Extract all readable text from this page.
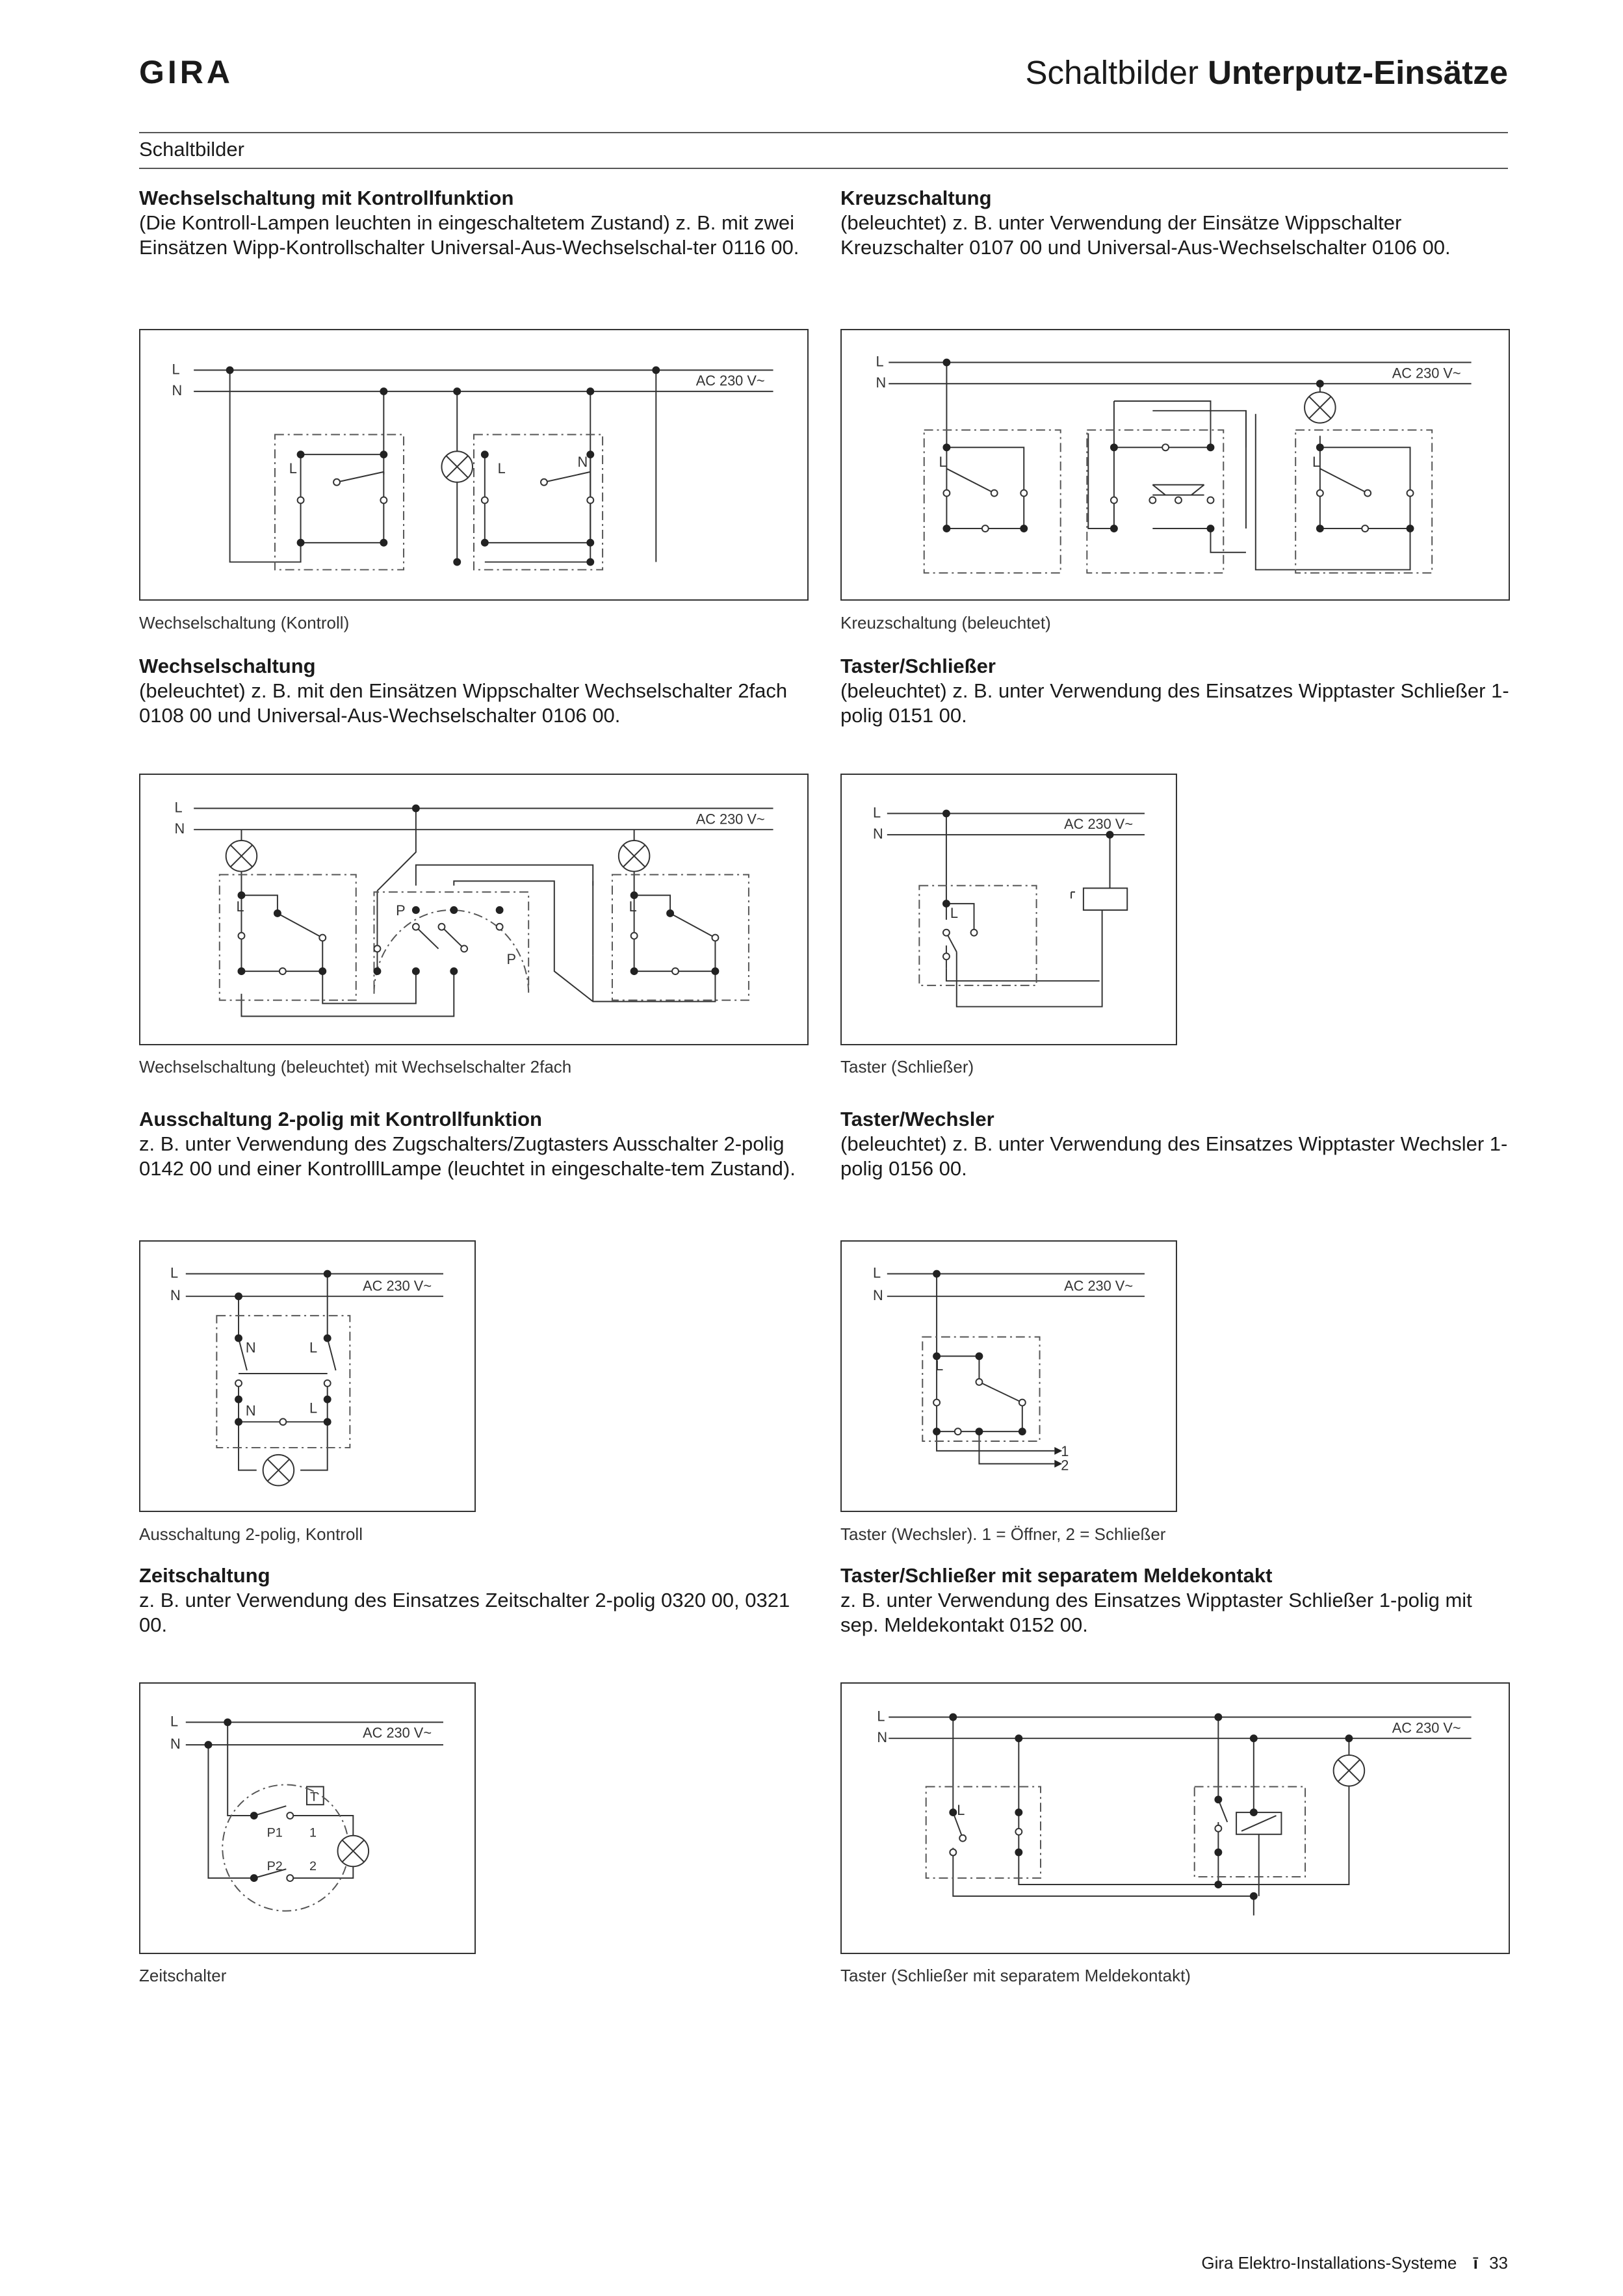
GIRA	Schaltbilder Unterputz-Einsätze
Schaltbilder
Wechselschaltung mit Kontrollfunktion
(Die Kontroll-Lampen leuchten in eingeschaltetem Zustand) z. B. mit zwei Einsätzen Wipp-Kontrollschalter Universal-Aus-Wechselschal-ter 0116 00.
L
N
AC 230 V~
L	L	N
Wechselschaltung (Kontroll)
Kreuzschaltung
(beleuchtet) z. B. unter Verwendung der Einsätze Wippschalter Kreuzschalter 0107 00 und Universal-Aus-Wechselschalter 0106 00.
L
N
AC 230 V~
L	L
Kreuzschaltung (beleuchtet)
Wechselschaltung
(beleuchtet) z. B. mit den Einsätzen Wippschalter Wechselschalter 2fach 0108 00 und Universal-Aus-Wechselschalter 0106 00.
L
N
AC 230 V~
L	L
P
P
Wechselschaltung (beleuchtet) mit Wechselschalter 2fach
Taster/Schließer
(beleuchtet) z. B. unter Verwendung des Einsatzes Wipptaster Schließer 1-polig 0151 00.
L
N
AC 230 V~
L
Taster (Schließer)
Ausschaltung 2-polig mit Kontrollfunktion
z. B. unter Verwendung des Zugschalters/Zugtasters Ausschalter 2-polig 0142 00 und einer KontrolllLampe (leuchtet in eingeschalte-tem Zustand).
L
N
AC 230 V~
N	L
N	L
Ausschaltung 2-polig, Kontroll
Taster/Wechsler
(beleuchtet) z. B. unter Verwendung des Einsatzes Wipptaster Wechsler 1-polig 0156 00.
L
N
AC 230 V~
L
1
2
Taster (Wechsler). 1 = Öffner, 2 = Schließer
Zeitschaltung
z. B. unter Verwendung des Einsatzes Zeitschalter 2-polig 0320 00, 0321 00.
L
N
AC 230 V~
T
P1
P2
1
2
Zeitschalter
Taster/Schließer mit separatem Meldekontakt
z. B. unter Verwendung des Einsatzes Wipptaster Schließer 1-polig mit sep. Meldekontakt 0152 00.
L
N
AC 230 V~
L
Taster (Schließer mit separatem Meldekontakt)
Gira Elektro-Installations-Systeme ī 33
